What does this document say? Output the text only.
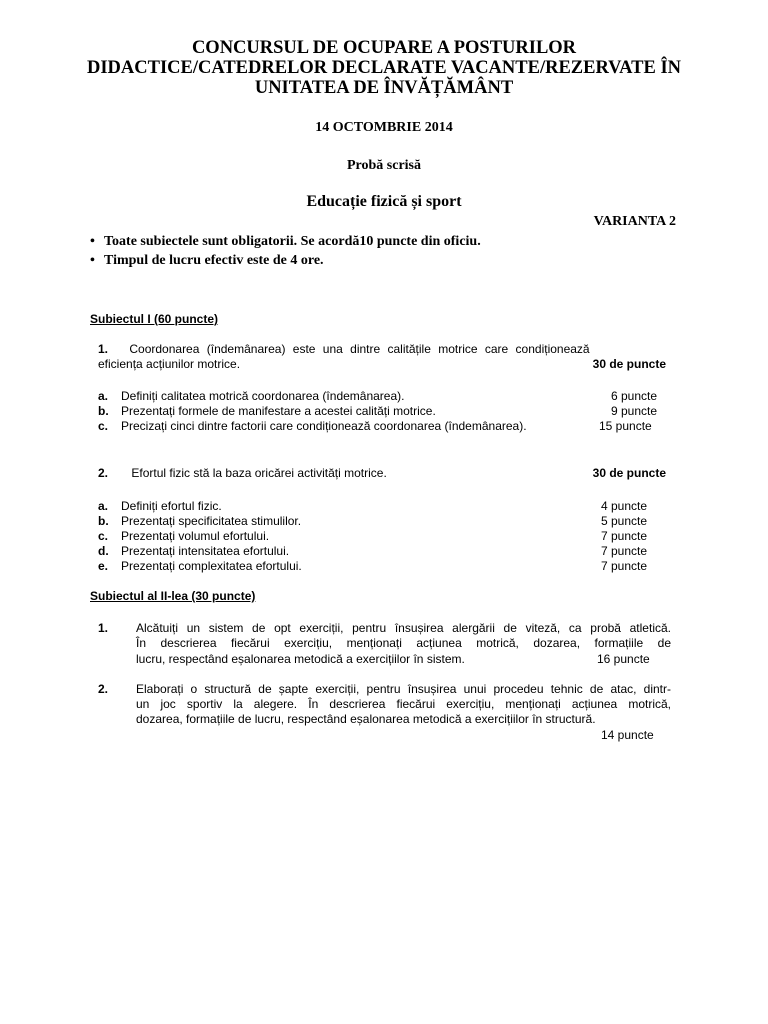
CONCURSUL DE OCUPARE A POSTURILOR
DIDACTICE/CATEDRELOR DECLARATE VACANTE/REZERVATE ÎN
UNITATEA DE ÎNVĂȚĂMÂNT
14 OCTOMBRIE 2014
Probă scrisă
Educație fizică și sport
VARIANTA 2
• Toate subiectele sunt obligatorii. Se acordă10 puncte din oficiu.
• Timpul de lucru efectiv este de 4 ore.
Subiectul I (60 puncte)
1. Coordonarea (îndemânarea) este una dintre calitățile motrice care condiționează
eficiența acțiunilor motrice.	30 de puncte
a. Definiți calitatea motrică coordonarea (îndemânarea).	6 puncte
b. Prezentați formele de manifestare a acestei calități motrice.	9 puncte
c. Precizați cinci dintre factorii care condiționează coordonarea (îndemânarea).	15 puncte
2. Efortul fizic stă la baza oricărei activități motrice.	30 de puncte
a. Definiți efortul fizic.	4 puncte
b. Prezentați specificitatea stimulilor.	5 puncte
c. Prezentați volumul efortului.	7 puncte
d. Prezentați intensitatea efortului.	7 puncte
e. Prezentați complexitatea efortului.	7 puncte
Subiectul al II-lea (30 puncte)
1. Alcătuiți un sistem de opt exerciții, pentru însușirea alergării de viteză, ca probă atletică.
În descrierea fiecărui exercițiu, menționați acțiunea motrică, dozarea, formațiile de
lucru, respectând eșalonarea metodică a exercițiilor în sistem.	16 puncte
2. Elaborați o structură de șapte exerciții, pentru însușirea unui procedeu tehnic de atac, dintr-
un joc sportiv la alegere. În descrierea fiecărui exercițiu, menționați acțiunea motrică,
dozarea, formațiile de lucru, respectând eșalonarea metodică a exercițiilor în structură.
14 puncte
